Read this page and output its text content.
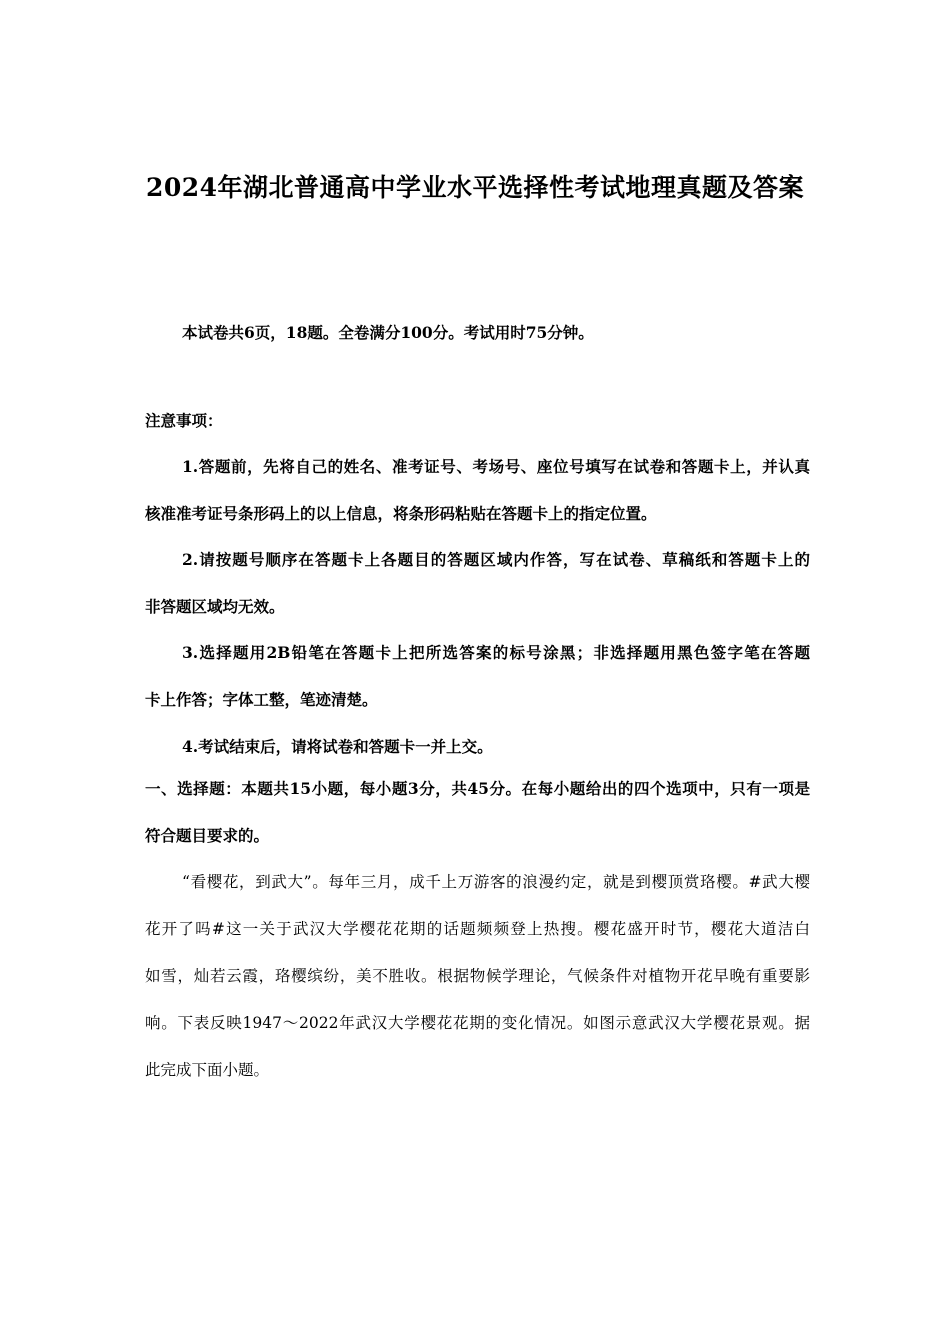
2024年湖北普通高中学业水平选择性考试地理真题及答案
本试卷共6页，18题。全卷满分100分。考试用时75分钟。
注意事项：
1.答题前，先将自己的姓名、准考证号、考场号、座位号填写在试卷和答题卡上，并认真
核准准考证号条形码上的以上信息，将条形码粘贴在答题卡上的指定位置。
2.请按题号顺序在答题卡上各题目的答题区域内作答，写在试卷、草稿纸和答题卡上的
非答题区域均无效。
3.选择题用2B铅笔在答题卡上把所选答案的标号涂黑；非选择题用黑色签字笔在答题
卡上作答；字体工整，笔迹清楚。
4.考试结束后，请将试卷和答题卡一并上交。
一、选择题：本题共15小题，每小题3分，共45分。在每小题给出的四个选项中，只有一项是
符合题目要求的。
“看樱花，到武大”。每年三月，成千上万游客的浪漫约定，就是到樱顶赏珞樱。#武大樱
花开了吗#这一关于武汉大学樱花花期的话题频频登上热搜。樱花盛开时节，樱花大道洁白
如雪，灿若云霞，珞樱缤纷，美不胜收。根据物候学理论，气候条件对植物开花早晚有重要影
响。下表反映1947～2022年武汉大学樱花花期的变化情况。如图示意武汉大学樱花景观。据
此完成下面小题。
